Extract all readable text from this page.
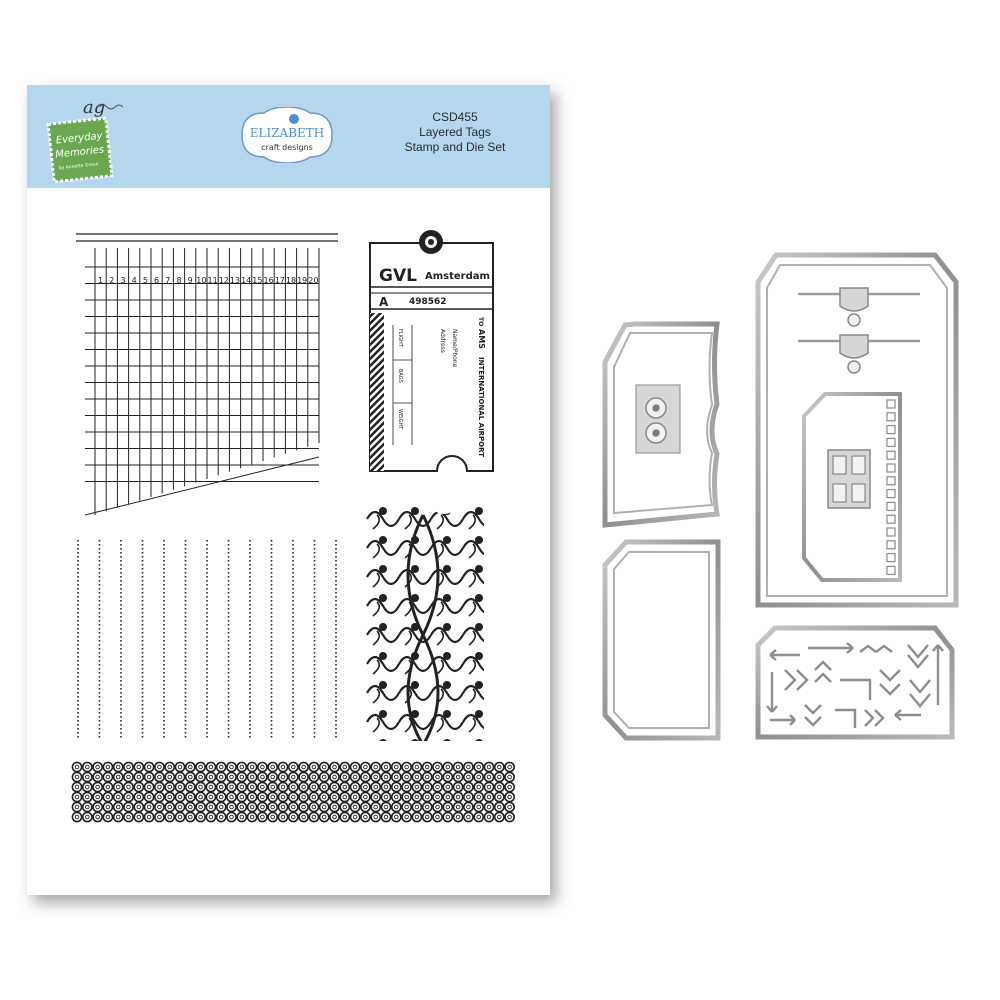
ag
Everyday
Memories
by Annette Green
ELIZABETH
craft designs
CSD455
Layered Tags
Stamp and Die Set
1 2 3 4 5 6 7 8 9 10 11 12 13 14 15 16 17 18 19 20	GVL Amsterdam
A 498562
TO
AMS
INTERNATIONAL AIRPORT
Name/Phone
Address
FLIGHT
BAGS
WEIGHT
